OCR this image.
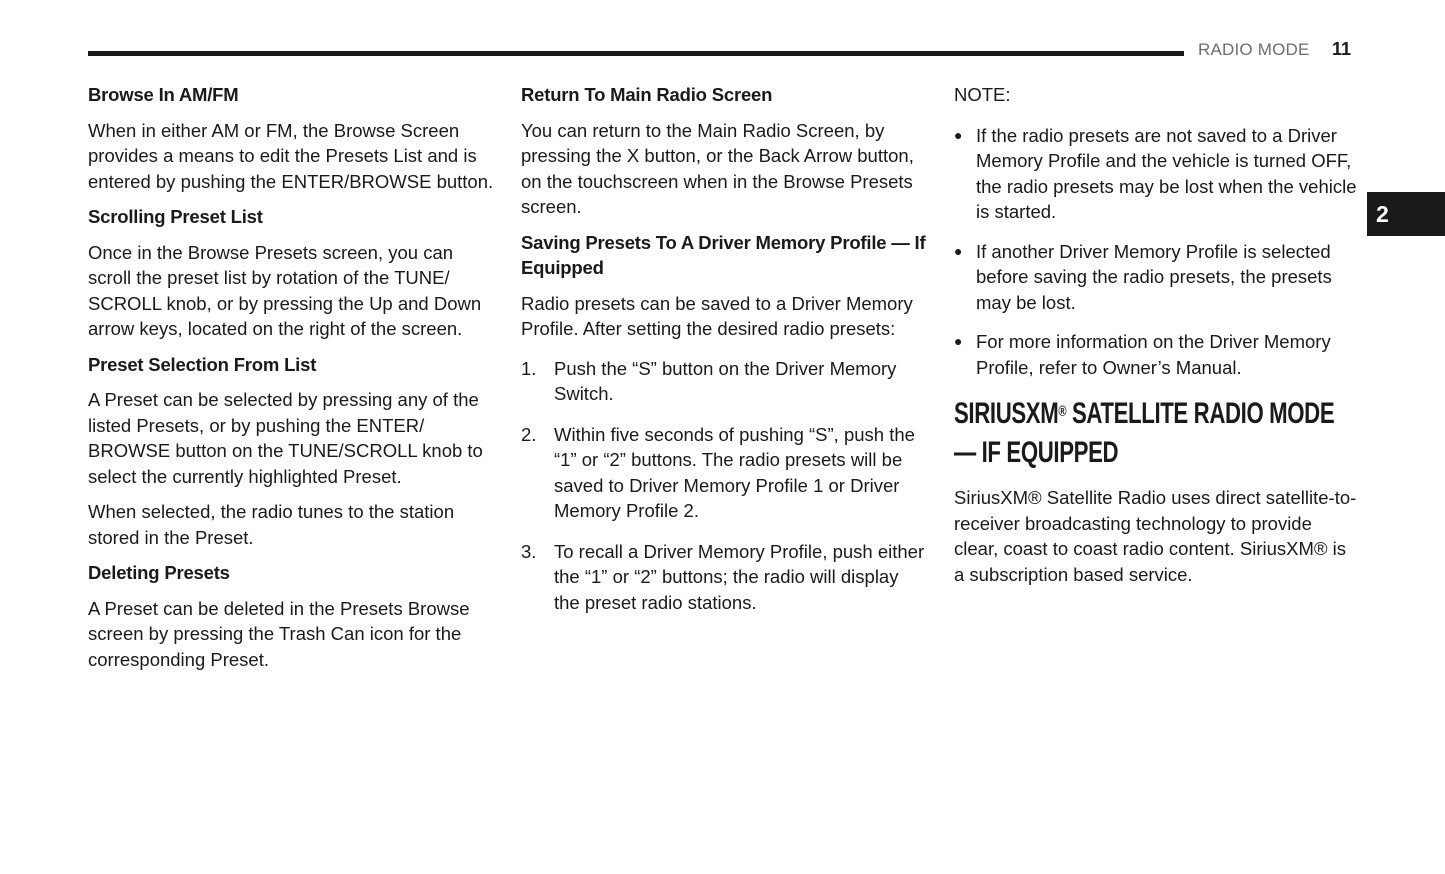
RADIO MODE 11
2
Browse In AM/FM

When in either AM or FM, the Browse Screen provides a means to edit the Presets List and is entered by pushing the ENTER/BROWSE button.

Scrolling Preset List

Once in the Browse Presets screen, you can scroll the preset list by rotation of the TUNE/ SCROLL knob, or by pressing the Up and Down arrow keys, located on the right of the screen.

Preset Selection From List

A Preset can be selected by pressing any of the listed Presets, or by pushing the ENTER/ BROWSE button on the TUNE/SCROLL knob to select the currently highlighted Preset.

When selected, the radio tunes to the station stored in the Preset.

Deleting Presets

A Preset can be deleted in the Presets Browse screen by pressing the Trash Can icon for the corresponding Preset.

Return To Main Radio Screen

You can return to the Main Radio Screen, by pressing the X button, or the Back Arrow button, on the touchscreen when in the Browse Presets screen.

Saving Presets To A Driver Memory Profile — If Equipped

Radio presets can be saved to a Driver Memory Profile. After setting the desired radio presets:

1. Push the “S” button on the Driver Memory Switch.
2. Within five seconds of pushing “S”, push the “1” or “2” buttons. The radio presets will be saved to Driver Memory Profile 1 or Driver Memory Profile 2.
3. To recall a Driver Memory Profile, push either the “1” or “2” buttons; the radio will display the preset radio stations.

NOTE:

● If the radio presets are not saved to a Driver Memory Profile and the vehicle is turned OFF, the radio presets may be lost when the vehicle is started.
● If another Driver Memory Profile is selected before saving the radio presets, the presets may be lost.
● For more information on the Driver Memory Profile, refer to Owner’s Manual.
SIRIUSXM® SATELLITE RADIO MODE — IF EQUIPPED

SiriusXM® Satellite Radio uses direct satellite-to-receiver broadcasting technology to provide clear, coast to coast radio content. SiriusXM® is a subscription based service.
